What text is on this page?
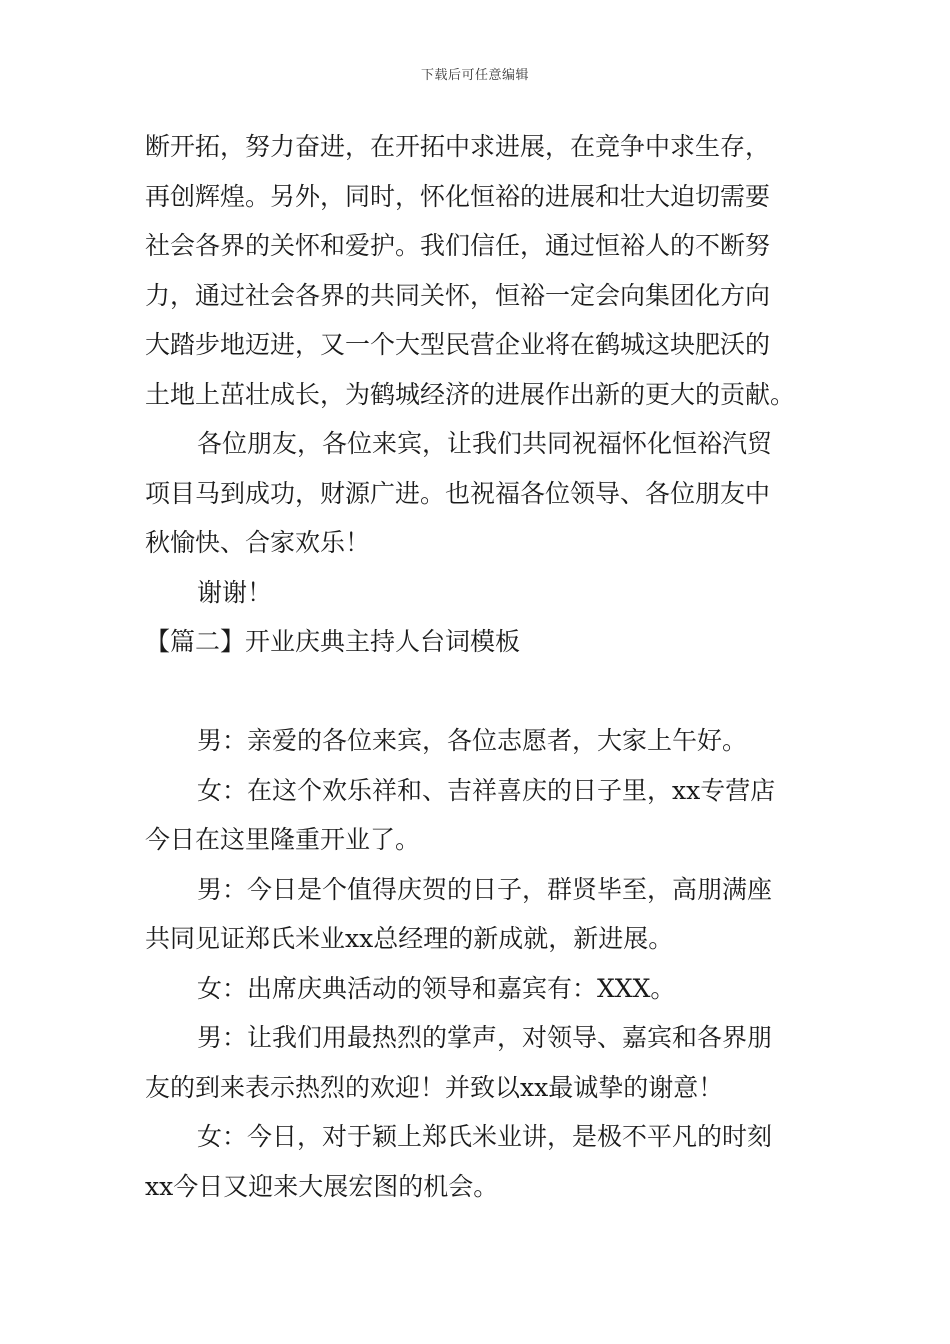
下载后可任意编辑
断开拓，努力奋进，在开拓中求进展，在竞争中求生存，
再创辉煌。另外，同时，怀化恒裕的进展和壮大迫切需要
社会各界的关怀和爱护。我们信任，通过恒裕人的不断努
力，通过社会各界的共同关怀，恒裕一定会向集团化方向
大踏步地迈进，又一个大型民营企业将在鹤城这块肥沃的
土地上茁壮成长，为鹤城经济的进展作出新的更大的贡献。
各位朋友，各位来宾，让我们共同祝福怀化恒裕汽贸
项目马到成功，财源广进。也祝福各位领导、各位朋友中
秋愉快、合家欢乐！
谢谢！
【篇二】开业庆典主持人台词模板
男：亲爱的各位来宾，各位志愿者，大家上午好。
女：在这个欢乐祥和、吉祥喜庆的日子里，xx专营店
今日在这里隆重开业了。
男：今日是个值得庆贺的日子，群贤毕至，高朋满座
共同见证郑氏米业xx总经理的新成就，新进展。
女：出席庆典活动的领导和嘉宾有：XXX。
男：让我们用最热烈的掌声，对领导、嘉宾和各界朋
友的到来表示热烈的欢迎！并致以xx最诚挚的谢意！
女：今日，对于颖上郑氏米业讲，是极不平凡的时刻
xx今日又迎来大展宏图的机会。
